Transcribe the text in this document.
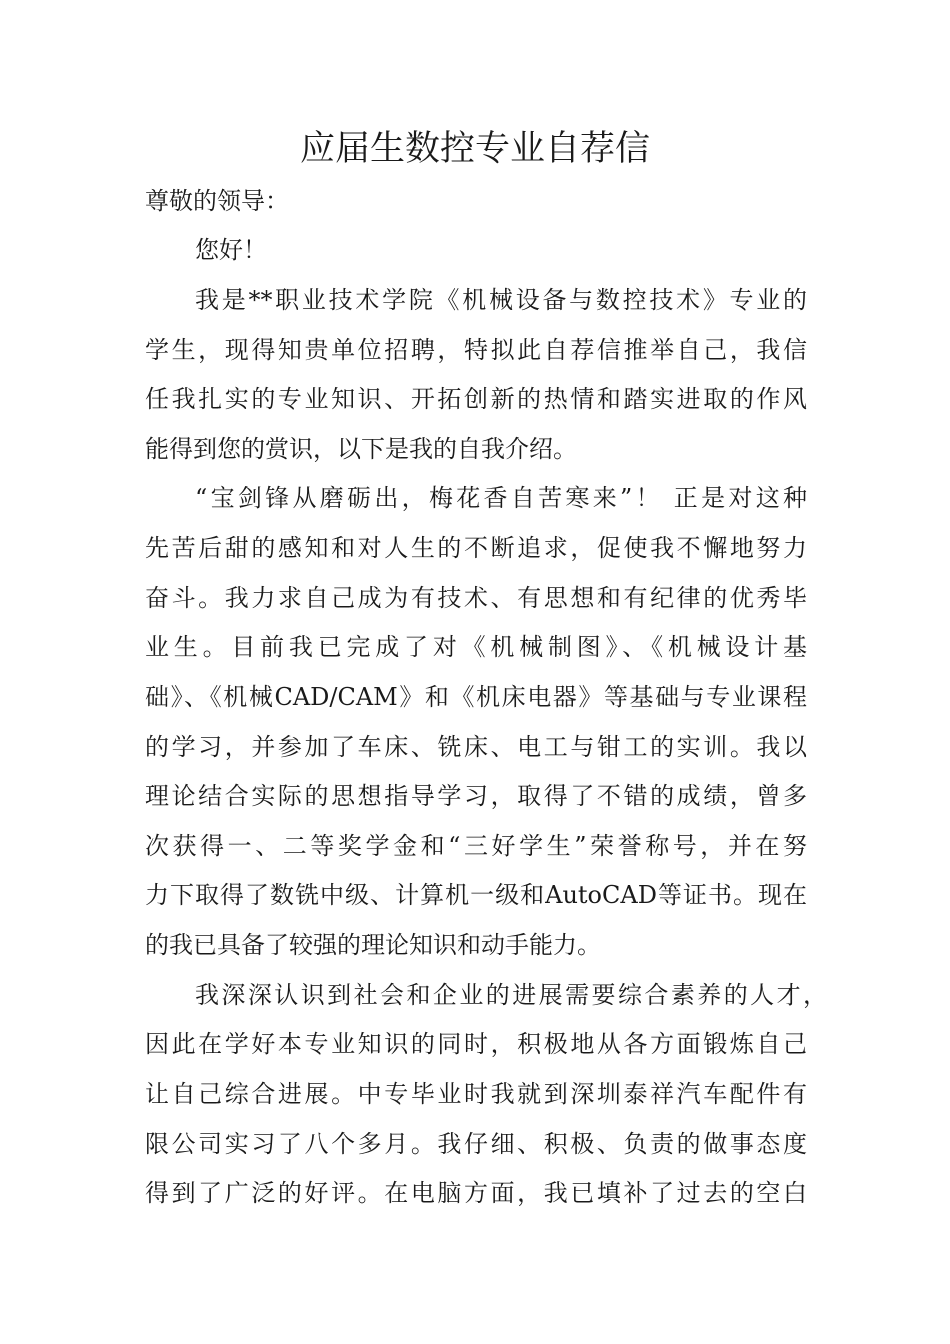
应届生数控专业自荐信

尊敬的领导：

您好！

我是**职业技术学院《机械设备与数控技术》专业的

学生，现得知贵单位招聘，特拟此自荐信推举自己，我信

任我扎实的专业知识、开拓创新的热情和踏实进取的作风

能得到您的赏识，以下是我的自我介绍。

“宝剑锋从磨砺出，梅花香自苦寒来”！ 正是对这种

先苦后甜的感知和对人生的不断追求，促使我不懈地努力

奋斗。我力求自己成为有技术、有思想和有纪律的优秀毕

业生。目前我已完成了对《机械制图》、《机械设计基

础》、《机械CAD/CAM》和《机床电器》等基础与专业课程

的学习，并参加了车床、铣床、电工与钳工的实训。我以

理论结合实际的思想指导学习，取得了不错的成绩，曾多

次获得一、二等奖学金和“三好学生”荣誉称号，并在努

力下取得了数铣中级、计算机一级和AutoCAD等证书。现在

的我已具备了较强的理论知识和动手能力。

我深深认识到社会和企业的进展需要综合素养的人才，

因此在学好本专业知识的同时，积极地从各方面锻炼自己

让自己综合进展。中专毕业时我就到深圳泰祥汽车配件有

限公司实习了八个多月。我仔细、积极、负责的做事态度

得到了广泛的好评。在电脑方面，我已填补了过去的空白
